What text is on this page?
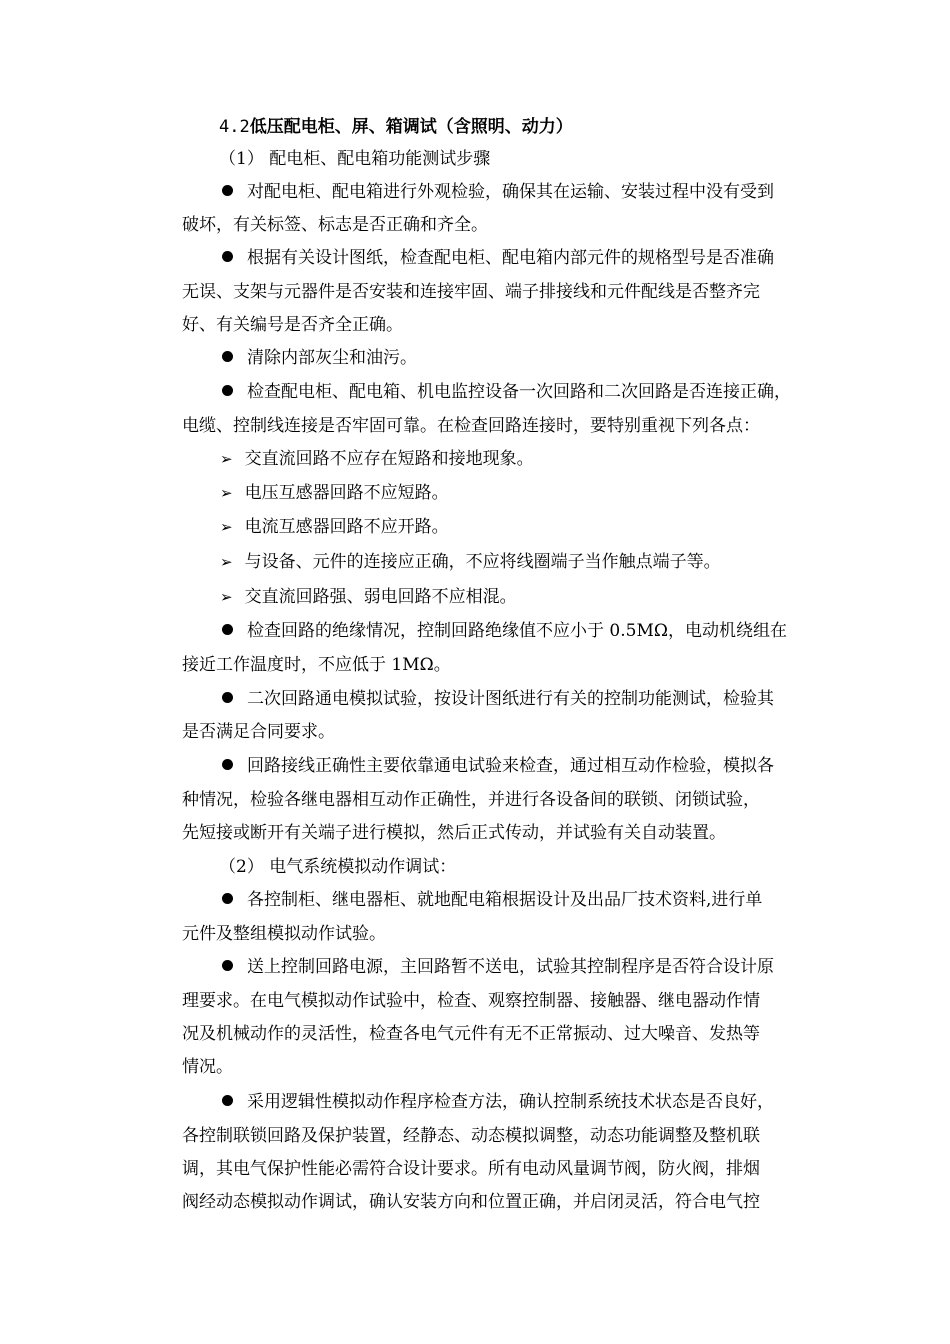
4.2低压配电柜、屏、箱调试（含照明、动力）
（1） 配电柜、配电箱功能测试步骤
对配电柜、配电箱进行外观检验，确保其在运输、安装过程中没有受到
破坏，有关标签、标志是否正确和齐全。
根据有关设计图纸，检查配电柜、配电箱内部元件的规格型号是否准确
无误、支架与元器件是否安装和连接牢固、端子排接线和元件配线是否整齐完
好、有关编号是否齐全正确。
清除内部灰尘和油污。
检查配电柜、配电箱、机电监控设备一次回路和二次回路是否连接正确，
电缆、控制线连接是否牢固可靠。在检查回路连接时，要特别重视下列各点：
➢ 交直流回路不应存在短路和接地现象。
➢ 电压互感器回路不应短路。
➢ 电流互感器回路不应开路。
➢ 与设备、元件的连接应正确，不应将线圈端子当作触点端子等。
➢ 交直流回路强、弱电回路不应相混。
检查回路的绝缘情况，控制回路绝缘值不应小于 0.5MΩ，电动机绕组在
接近工作温度时，不应低于 1MΩ。
二次回路通电模拟试验，按设计图纸进行有关的控制功能测试，检验其
是否满足合同要求。
回路接线正确性主要依靠通电试验来检查，通过相互动作检验，模拟各
种情况，检验各继电器相互动作正确性，并进行各设备间的联锁、闭锁试验，
先短接或断开有关端子进行模拟，然后正式传动，并试验有关自动装置。
（2） 电气系统模拟动作调试：
各控制柜、继电器柜、就地配电箱根据设计及出品厂技术资料,进行单
元件及整组模拟动作试验。
送上控制回路电源，主回路暂不送电，试验其控制程序是否符合设计原
理要求。在电气模拟动作试验中，检查、观察控制器、接触器、继电器动作情
况及机械动作的灵活性，检查各电气元件有无不正常振动、过大噪音、发热等
情况。
采用逻辑性模拟动作程序检查方法，确认控制系统技术状态是否良好，
各控制联锁回路及保护装置，经静态、动态模拟调整，动态功能调整及整机联
调，其电气保护性能必需符合设计要求。所有电动风量调节阀，防火阀，排烟
阀经动态模拟动作调试，确认安装方向和位置正确，并启闭灵活，符合电气控
